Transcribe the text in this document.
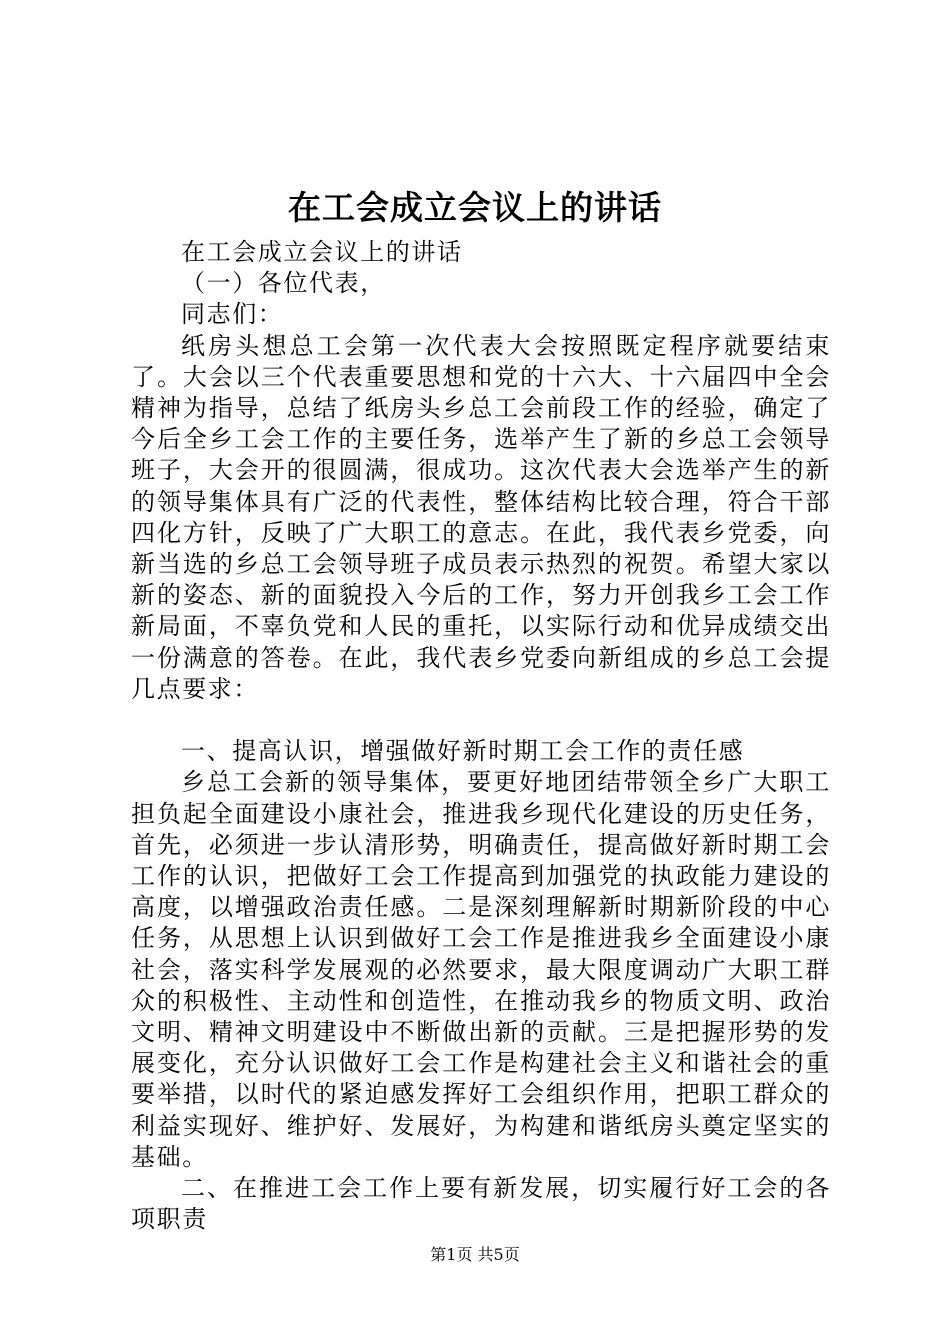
在工会成立会议上的讲话

在工会成立会议上的讲话

（一）各位代表，

同志们：

纸房头想总工会第一次代表大会按照既定程序就要结束了。大会以三个代表重要思想和党的十六大、十六届四中全会精神为指导，总结了纸房头乡总工会前段工作的经验，确定了今后全乡工会工作的主要任务，选举产生了新的乡总工会领导班子，大会开的很圆满，很成功。这次代表大会选举产生的新的领导集体具有广泛的代表性，整体结构比较合理，符合干部四化方针，反映了广大职工的意志。在此，我代表乡党委，向新当选的乡总工会领导班子成员表示热烈的祝贺。希望大家以新的姿态、新的面貌投入今后的工作，努力开创我乡工会工作新局面，不辜负党和人民的重托，以实际行动和优异成绩交出一份满意的答卷。在此，我代表乡党委向新组成的乡总工会提几点要求：

一、提高认识，增强做好新时期工会工作的责任感

乡总工会新的领导集体，要更好地团结带领全乡广大职工担负起全面建设小康社会，推进我乡现代化建设的历史任务，首先，必须进一步认清形势，明确责任，提高做好新时期工会工作的认识，把做好工会工作提高到加强党的执政能力建设的高度，以增强政治责任感。二是深刻理解新时期新阶段的中心任务，从思想上认识到做好工会工作是推进我乡全面建设小康社会，落实科学发展观的必然要求，最大限度调动广大职工群众的积极性、主动性和创造性，在推动我乡的物质文明、政治文明、精神文明建设中不断做出新的贡献。三是把握形势的发展变化，充分认识做好工会工作是构建社会主义和谐社会的重要举措，以时代的紧迫感发挥好工会组织作用，把职工群众的利益实现好、维护好、发展好，为构建和谐纸房头奠定坚实的基础。

二、在推进工会工作上要有新发展，切实履行好工会的各项职责

第1页 共5页
